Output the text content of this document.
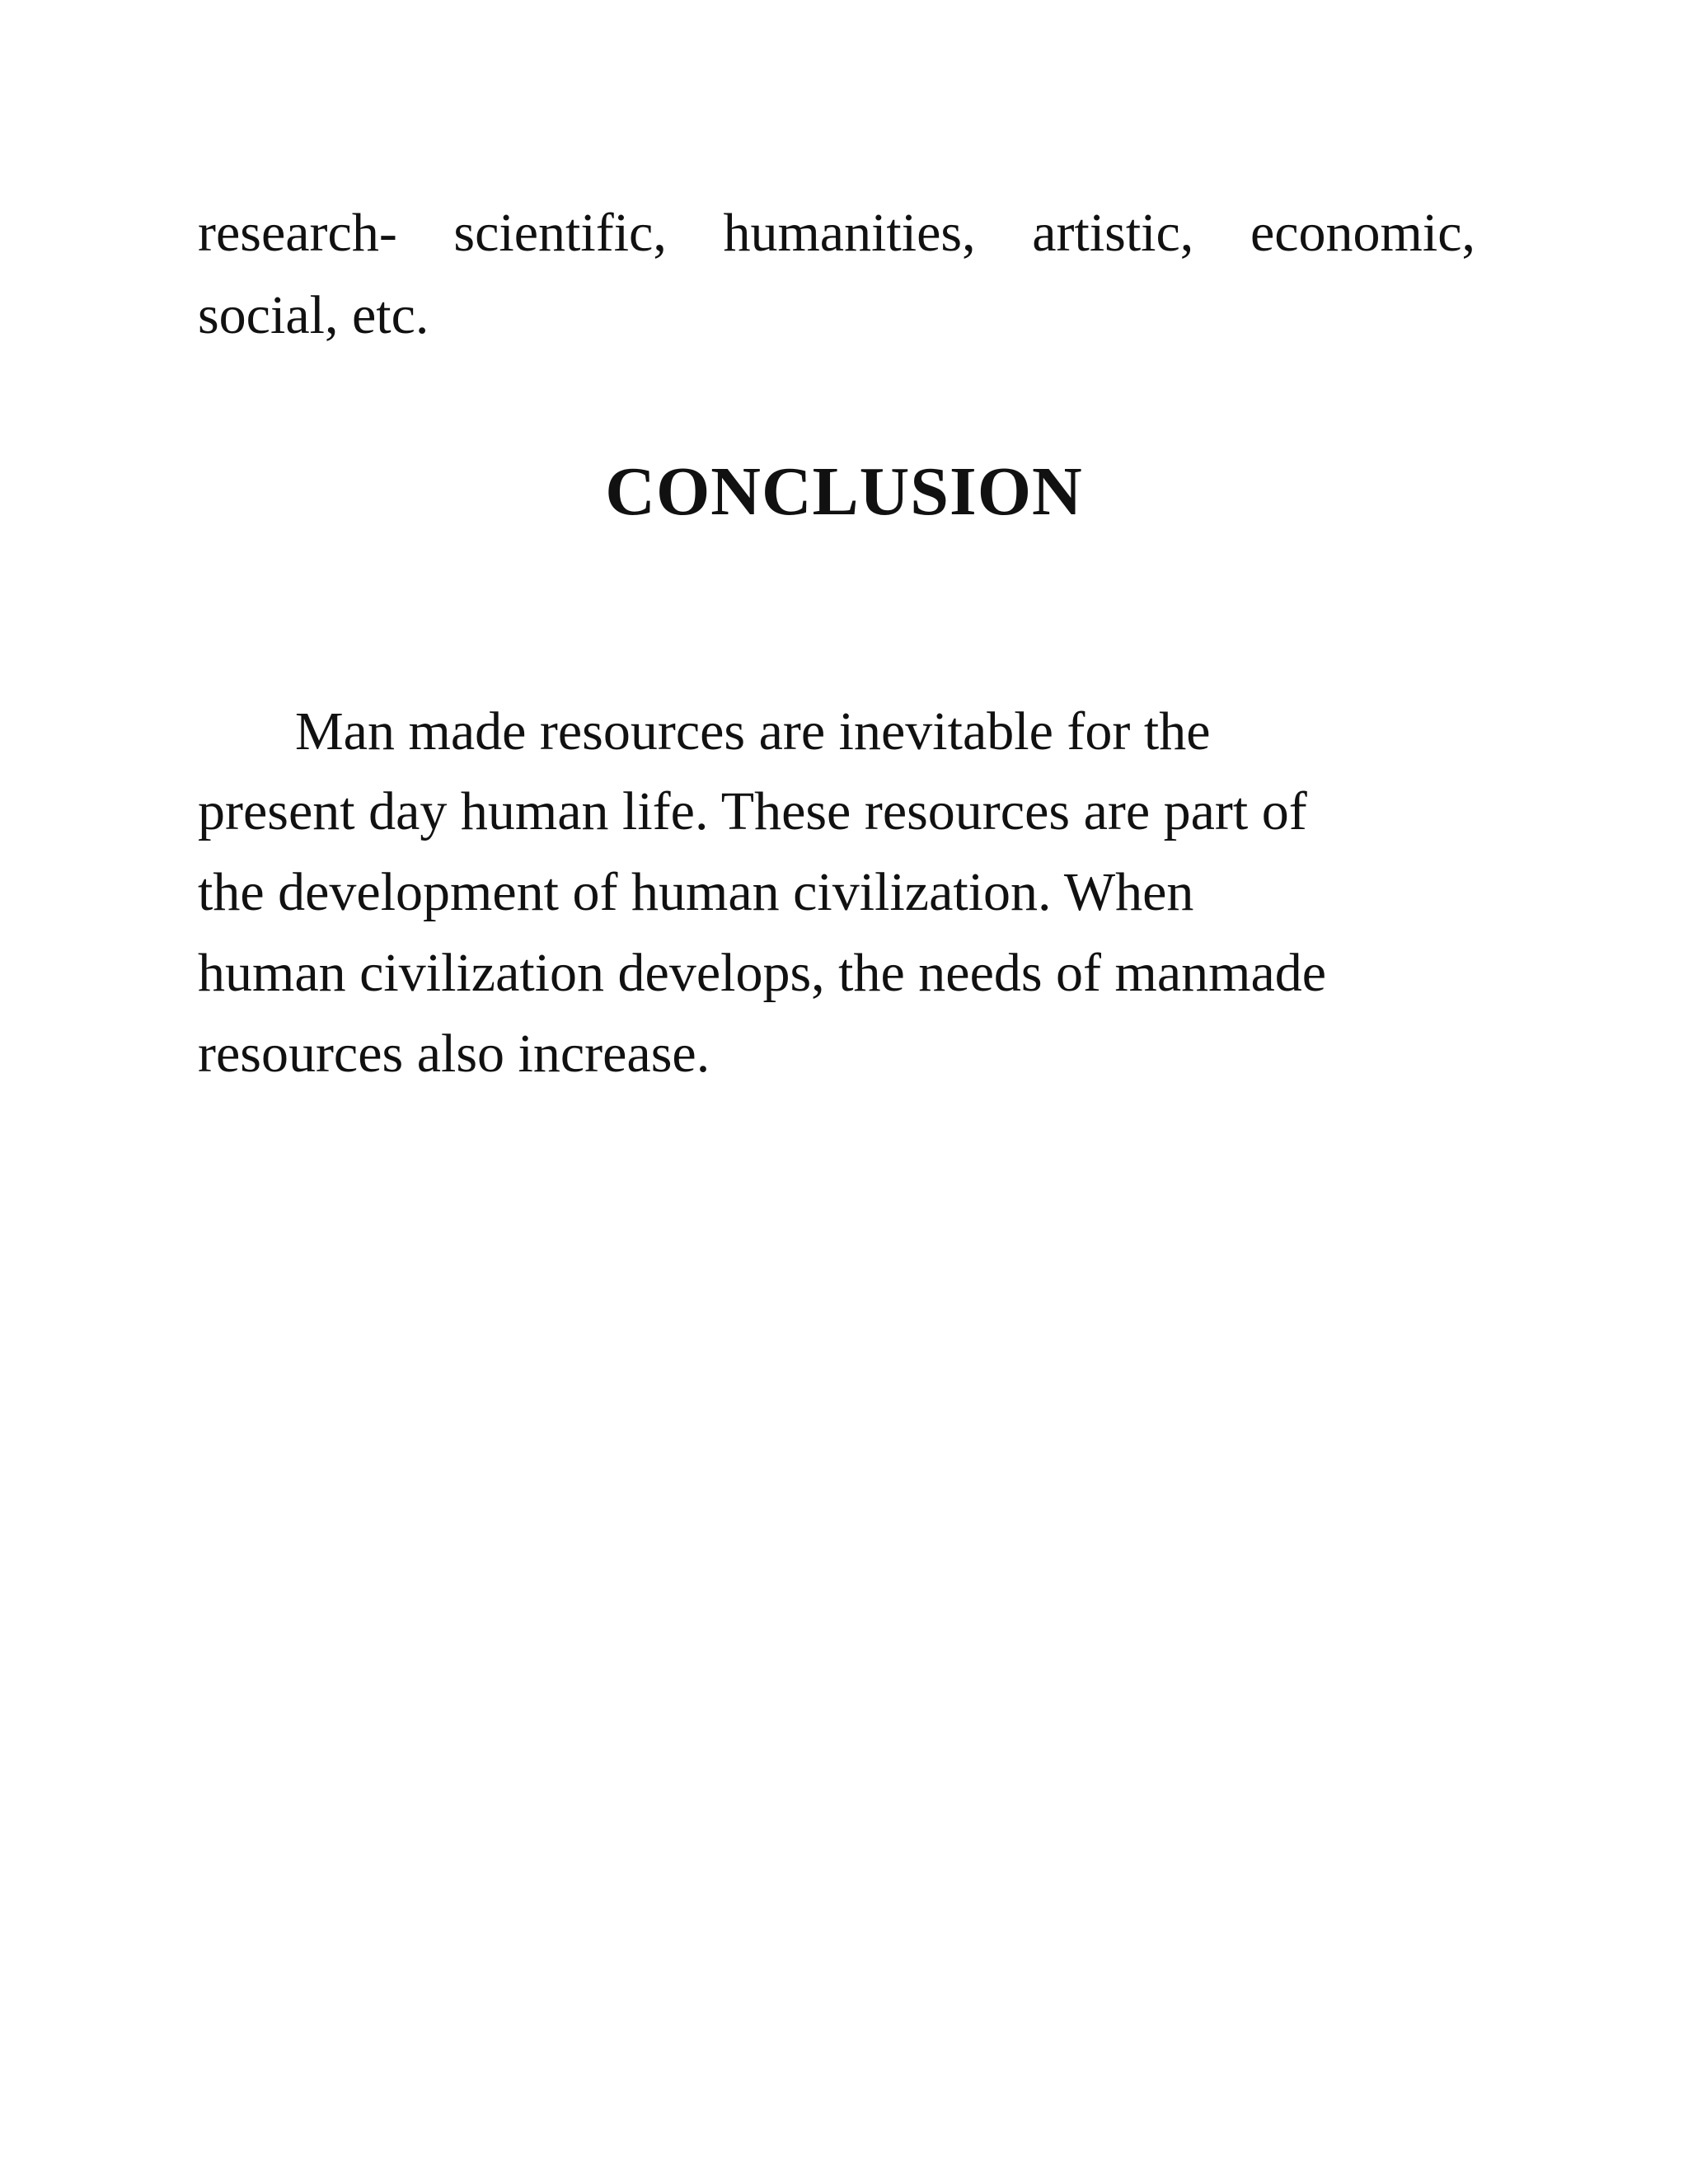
research- scientific, humanities, artistic, economic,
social, etc.
CONCLUSION
Man made resources are inevitable for the
present day human life. These resources are part of
the development of human civilization. When
human civilization develops, the needs of manmade
resources also increase.
